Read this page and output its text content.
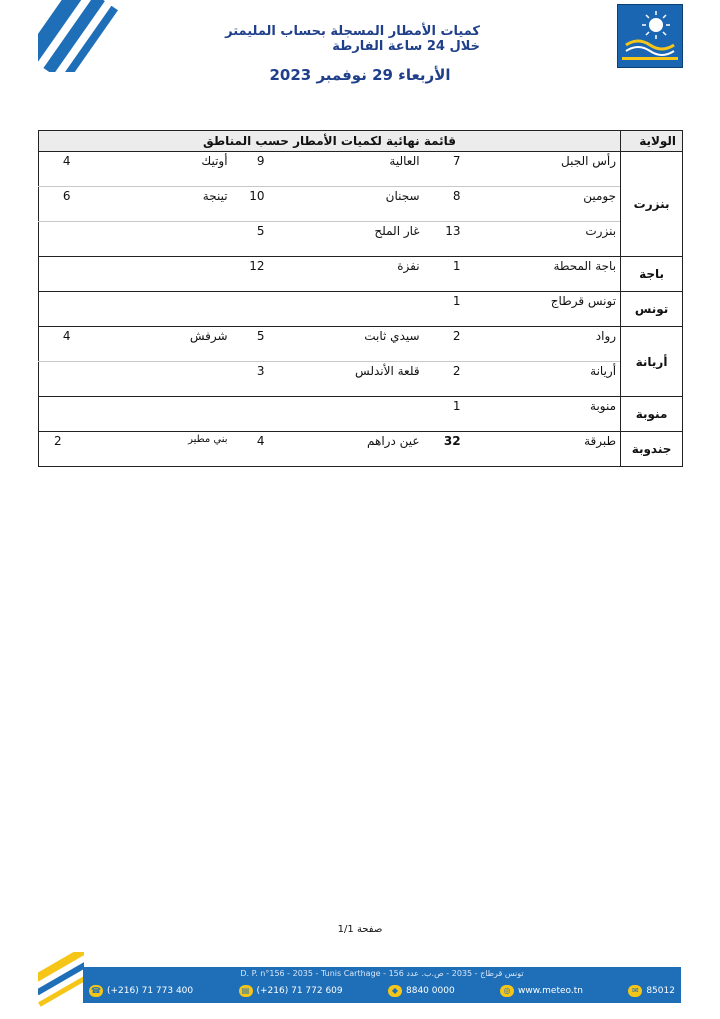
كميات الأمطار المسجلة بحساب المليمتر
خلال 24 ساعة الفارطة
الأربعاء 29 نوفمبر 2023
الولاية	قائمة نهائية لكميات الأمطار حسب المناطق					
بنزرت	رأس الجبل	7	العالية	9	أوتيك	4
	جومين	8	سجنان	10	تينجة	6
	بنزرت	13	غار الملح	5		
باجة	باجة المحطة	1	نفزة	12		
تونس	تونس قرطاج	1				
أريانة	رواد	2	سيدي ثابت	5	شرفش	4
	أريانة	2	قلعة الأندلس	3		
منوبة	منوبة	1				
جندوبة	طبرقة	32	عين دراهم	4	بني مطير	2
صفحة 1/1
D. P. n°156 - 2035 - Tunis Carthage - تونس قرطاج - 2035 - ص.ب. عدد 156
☎ (+216) 71 773 400	▤ (+216) 71 772 609	◆ 8840 0000	◎ www.meteo.tn	✉ 85012
